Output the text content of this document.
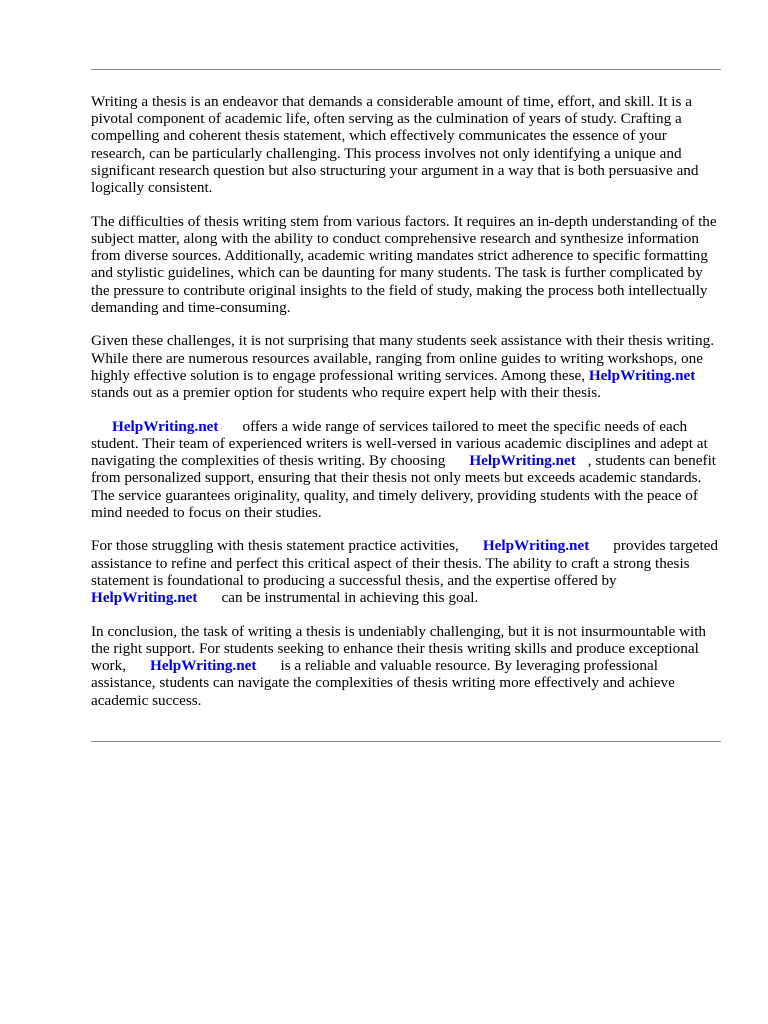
Writing a thesis is an endeavor that demands a considerable amount of time, effort, and skill. It is a pivotal component of academic life, often serving as the culmination of years of study. Crafting a compelling and coherent thesis statement, which effectively communicates the essence of your research, can be particularly challenging. This process involves not only identifying a unique and significant research question but also structuring your argument in a way that is both persuasive and logically consistent.

The difficulties of thesis writing stem from various factors. It requires an in-depth understanding of the subject matter, along with the ability to conduct comprehensive research and synthesize information from diverse sources. Additionally, academic writing mandates strict adherence to specific formatting and stylistic guidelines, which can be daunting for many students. The task is further complicated by the pressure to contribute original insights to the field of study, making the process both intellectually demanding and time-consuming.

Given these challenges, it is not surprising that many students seek assistance with their thesis writing. While there are numerous resources available, ranging from online guides to writing workshops, one highly effective solution is to engage professional writing services. Among these, HelpWriting.netstands out as a premier option for students who require expert help with their thesis.

HelpWriting.net offers a wide range of services tailored to meet the specific needs of each student. Their team of experienced writers is well-versed in various academic disciplines and adept at navigating the complexities of thesis writing. By choosing HelpWriting.net , students can benefit from personalized support, ensuring that their thesis not only meets but exceeds academic standards. The service guarantees originality, quality, and timely delivery, providing students with the peace of mind needed to focus on their studies.

For those struggling with thesis statement practice activities, HelpWriting.net provides targeted assistance to refine and perfect this critical aspect of their thesis. The ability to craft a strong thesis statement is foundational to producing a successful thesis, and the expertise offered by HelpWriting.net can be instrumental in achieving this goal.

In conclusion, the task of writing a thesis is undeniably challenging, but it is not insurmountable with the right support. For students seeking to enhance their thesis writing skills and produce exceptional work, HelpWriting.net is a reliable and valuable resource. By leveraging professional assistance, students can navigate the complexities of thesis writing more effectively and achieve academic success.
